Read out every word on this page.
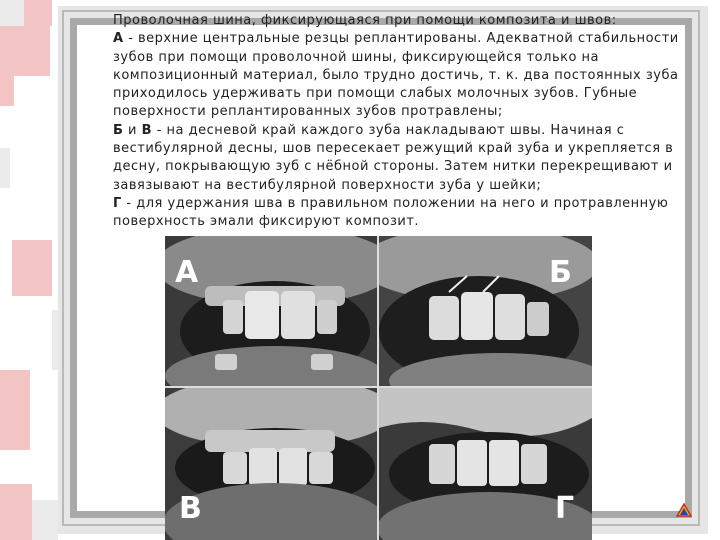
А	Б
В	Г

Проволочная шина, фиксирующаяся при помощи композита и швов:

А - верхние центральные резцы реплантированы. Адекватной стабильности зубов при помощи проволочной шины, фиксирующейся только на композиционный материал, было трудно достичь, т. к. два постоянных зуба приходилось удерживать при помощи слабых молочных зубов. Губные поверхности реплантированных зубов протравлены;

Б и В - на десневой край каждого зуба накладывают швы. Начиная с вестибулярной десны, шов пересекает режущий край зуба и укрепляется в десну, покрывающую зуб с нёбной стороны. Затем нитки перекрещивают и завязывают на вестибулярной поверхности зуба у шейки;

Г - для удержания шва в правильном положении на него и протравленную поверхность эмали фиксируют композит.
